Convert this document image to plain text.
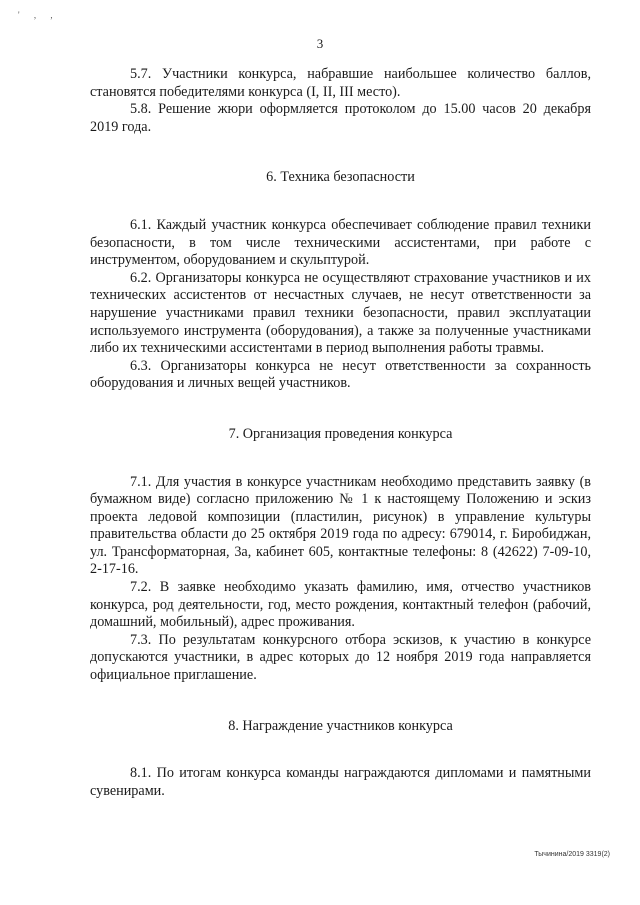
' , ,
3

5.7. Участники конкурса, набравшие наибольшее количество баллов, становятся победителями конкурса (I, II, III место).

5.8. Решение жюри оформляется протоколом до 15.00 часов 20 декабря 2019 года.

6. Техника безопасности

6.1. Каждый участник конкурса обеспечивает соблюдение правил техники безопасности, в том числе техническими ассистентами, при работе с инструментом, оборудованием и скульптурой.

6.2. Организаторы конкурса не осуществляют страхование участников и их технических ассистентов от несчастных случаев, не несут ответственности за нарушение участниками правил техники безопасности, правил эксплуатации используемого инструмента (оборудования), а также за полученные участниками либо их техническими ассистентами в период выполнения работы травмы.

6.3. Организаторы конкурса не несут ответственности за сохранность оборудования и личных вещей участников.

7. Организация проведения конкурса

7.1. Для участия в конкурсе участникам необходимо представить заявку (в бумажном виде) согласно приложению № 1 к настоящему Положению и эскиз проекта ледовой композиции (пластилин, рисунок) в управление культуры правительства области до 25 октября 2019 года по адресу: 679014, г. Биробиджан, ул. Трансформаторная, 3а, кабинет 605, контактные телефоны: 8 (42622) 7-09-10, 2-17-16.

7.2. В заявке необходимо указать фамилию, имя, отчество участников конкурса, род деятельности, год, место рождения, контактный телефон (рабочий, домашний, мобильный), адрес проживания.

7.3. По результатам конкурсного отбора эскизов, к участию в конкурсе допускаются участники, в адрес которых до 12 ноября 2019 года направляется официальное приглашение.

8. Награждение участников конкурса

8.1. По итогам конкурса команды награждаются дипломами и памятными сувенирами.

Тычинина/2019 3319(2)
